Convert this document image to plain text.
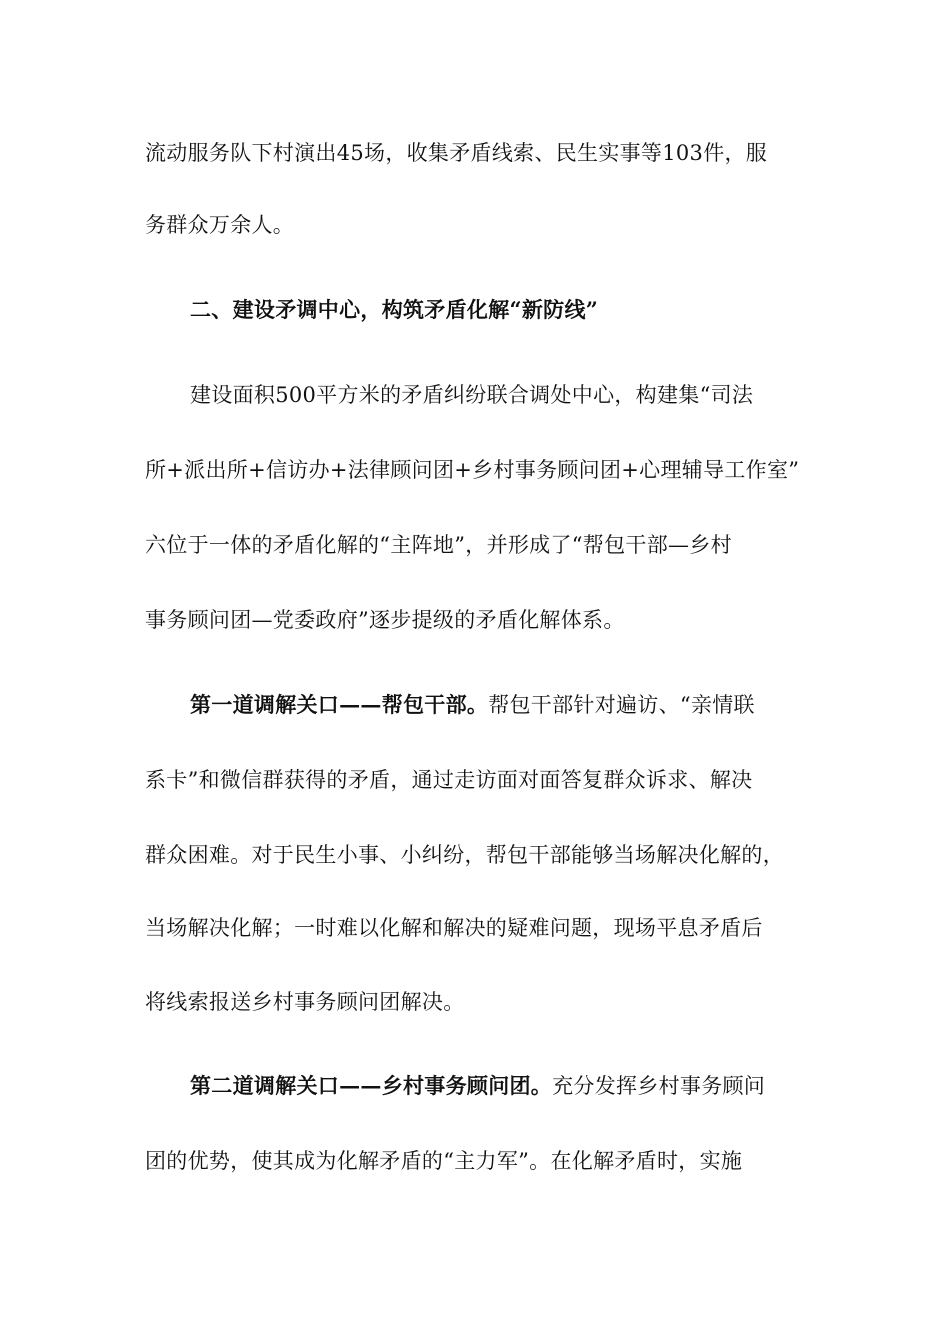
流动服务队下村演出45场，收集矛盾线索、民生实事等103件，服
务群众万余人。
二、建设矛调中心，构筑矛盾化解“新防线”
建设面积500平方米的矛盾纠纷联合调处中心，构建集“司法
所+派出所+信访办+法律顾问团+乡村事务顾问团+心理辅导工作室”
六位于一体的矛盾化解的“主阵地”，并形成了“帮包干部—乡村
事务顾问团—党委政府”逐步提级的矛盾化解体系。
第一道调解关口——帮包干部。帮包干部针对遍访、“亲情联
系卡”和微信群获得的矛盾，通过走访面对面答复群众诉求、解决
群众困难。对于民生小事、小纠纷，帮包干部能够当场解决化解的，
当场解决化解；一时难以化解和解决的疑难问题，现场平息矛盾后
将线索报送乡村事务顾问团解决。
第二道调解关口——乡村事务顾问团。充分发挥乡村事务顾问
团的优势，使其成为化解矛盾的“主力军”。在化解矛盾时，实施
